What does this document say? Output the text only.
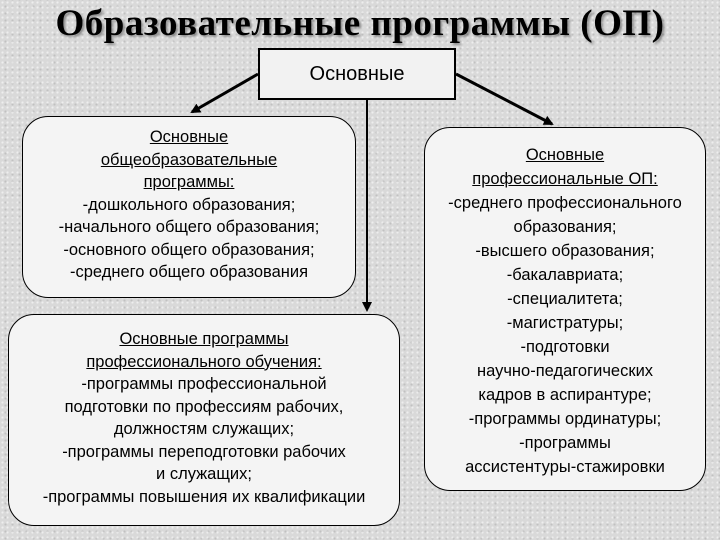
Образовательные программы (ОП)
Основные
Основные
общеобразовательные
программы:
-дошкольного образования;
-начального общего образования;
-основного общего образования;
-среднего общего образования
Основные программы
профессионального обучения:
-программы профессиональной
подготовки по профессиям рабочих,
должностям служащих;
-программы переподготовки рабочих
и служащих;
-программы повышения их квалификации
Основные
профессиональные ОП:
-среднего профессионального
образования;
-высшего образования;
-бакалавриата;
-специалитета;
-магистратуры;
-подготовки
научно-педагогических
кадров в аспирантуре;
-программы ординатуры;
-программы
ассистентуры-стажировки
